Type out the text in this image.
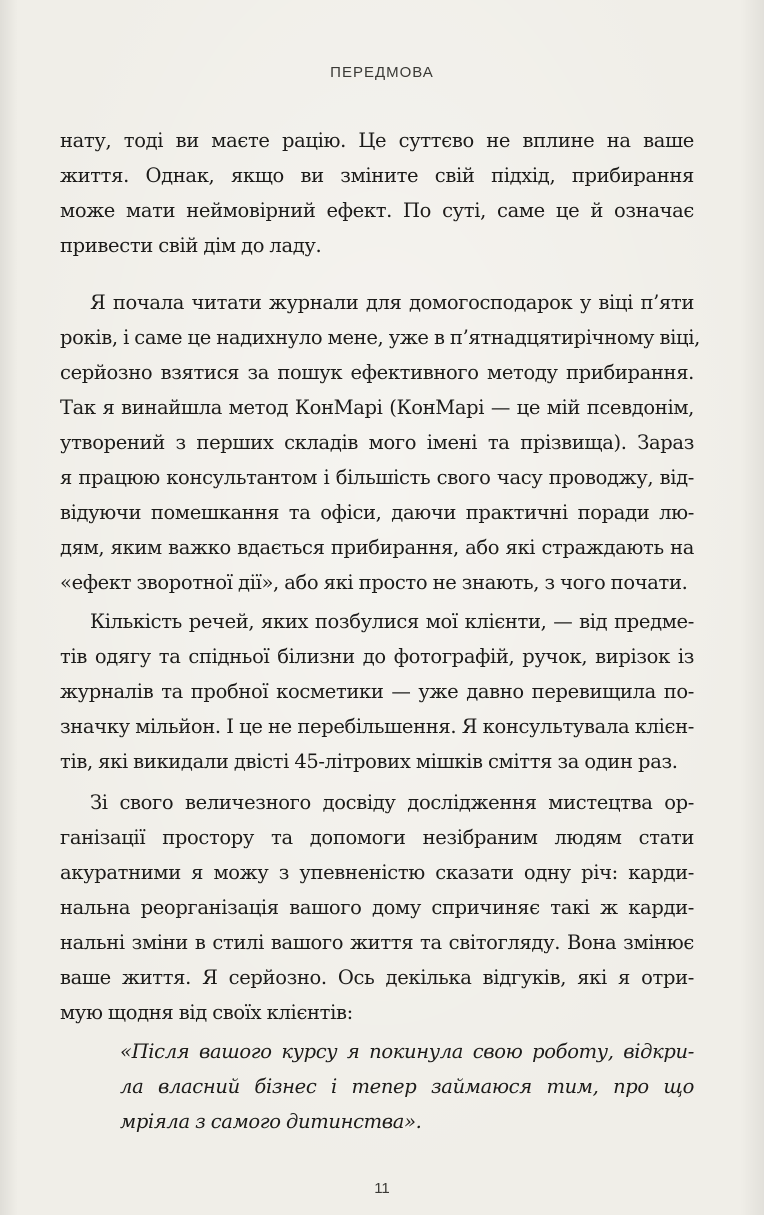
ПЕРЕДМОВА
нату, тоді ви маєте рацію. Це суттєво не вплине на ваше
життя. Однак, якщо ви зміните свій підхід, прибирання
може мати неймовірний ефект. По суті, саме це й означає
привести свій дім до ладу.
Я почала читати журнали для домогосподарок у віці п’яти
років, і саме це надихнуло мене, уже в п’ятнадцятирічному віці,
серйозно взятися за пошук ефективного методу прибирання.
Так я винайшла метод КонМарі (КонМарі — це мій псевдонім,
утворений з перших складів мого імені та прізвища). Зараз
я працюю консультантом і більшість свого часу проводжу, від-
відуючи помешкання та офіси, даючи практичні поради лю-
дям, яким важко вдається прибирання, або які страждають на
«ефект зворотної дії», або які просто не знають, з чого почати.
Кількість речей, яких позбулися мої клієнти, — від предме-
тів одягу та спідньої білизни до фотографій, ручок, вирізок із
журналів та пробної косметики — уже давно перевищила по-
значку мільйон. І це не перебільшення. Я консультувала клієн-
тів, які викидали двісті 45-літрових мішків сміття за один раз.
Зі свого величезного досвіду дослідження мистецтва ор-
ганізації простору та допомоги незібраним людям стати
акуратними я можу з упевненістю сказати одну річ: карди-
нальна реорганізація вашого дому спричиняє такі ж карди-
нальні зміни в стилі вашого життя та світогляду. Вона змінює
ваше життя. Я серйозно. Ось декілька відгуків, які я отри-
мую щодня від своїх клієнтів:
«Після вашого курсу я покинула свою роботу, відкри-
ла власний бізнес і тепер займаюся тим, про що
мріяла з самого дитинства».
11
